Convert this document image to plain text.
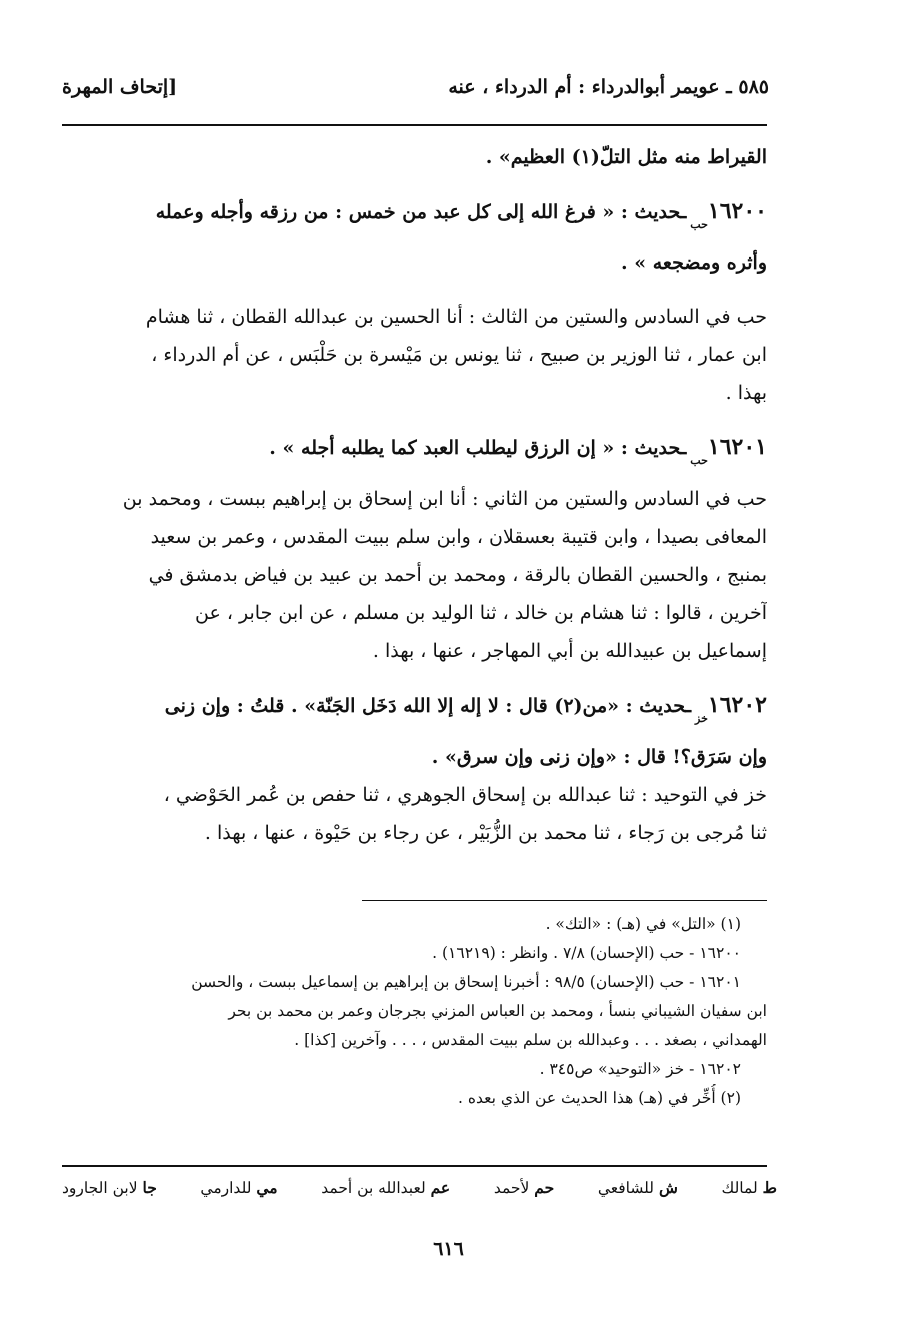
٥٨٥ ـ عويمر أبوالدرداء : أم الدرداء ، عنه
[إتحاف المهرة
القيراط منه مثل التلّ(١) العظيم» .
١٦٢٠٠حبـحديث : « فرغ الله إلى كل عبد من خمس : من رزقه وأجله وعمله
وأثره ومضجعه » .
حب في السادس والستين من الثالث : أنا الحسين بن عبدالله القطان ، ثنا هشام
ابن عمار ، ثنا الوزير بن صبيح ، ثنا يونس بن مَيْسرة بن حَلْبَس ، عن أم الدرداء ،
بهذا .
١٦٢٠١حبـحديث : « إن الرزق ليطلب العبد كما يطلبه أجله » .
حب في السادس والستين من الثاني : أنا ابن إسحاق بن إبراهيم ببست ، ومحمد بن
المعافى بصيدا ، وابن قتيبة بعسقلان ، وابن سلم ببيت المقدس ، وعمر بن سعيد
بمنبج ، والحسين القطان بالرقة ، ومحمد بن أحمد بن عبيد بن فياض بدمشق في
آخرين ، قالوا : ثنا هشام بن خالد ، ثنا الوليد بن مسلم ، عن ابن جابر ، عن
إسماعيل بن عبيدالله بن أبي المهاجر ، عنها ، بهذا .
١٦٢٠٢خزـحديث : «من(٢) قال : لا إله إلا الله دَخَل الجَنّة» . قلتُ : وإن زنى
وإن سَرَق؟! قال : «وإن زنى وإن سرق» .
خز في التوحيد : ثنا عبدالله بن إسحاق الجوهري ، ثنا حفص بن عُمر الحَوْضي ،
ثنا مُرجى بن رَجاء ، ثنا محمد بن الزُّبَيْر ، عن رجاء بن حَيْوة ، عنها ، بهذا .
(١) «التل» في (هـ) : «التك» .
١٦٢٠٠ - حب (الإحسان) ٧/٨ . وانظر : (١٦٢١٩) .
١٦٢٠١ - حب (الإحسان) ٩٨/٥ : أخبرنا إسحاق بن إبراهيم بن إسماعيل ببست ، والحسن
ابن سفيان الشيباني بنسأ ، ومحمد بن العباس المزني بجرجان وعمر بن محمد بن بحر
الهمداني ، بصغد . . . وعبدالله بن سلم ببيت المقدس ، . . . وآخرين [كذا] .
١٦٢٠٢ - خز «التوحيد» ص٣٤٥ .
(٢) أُخِّر في (هـ) هذا الحديث عن الذي بعده .
ط لمالك
ش للشافعي
حم لأحمد
عم لعبدالله بن أحمد
مي للدارمي
جا لابن الجارود
٦١٦
